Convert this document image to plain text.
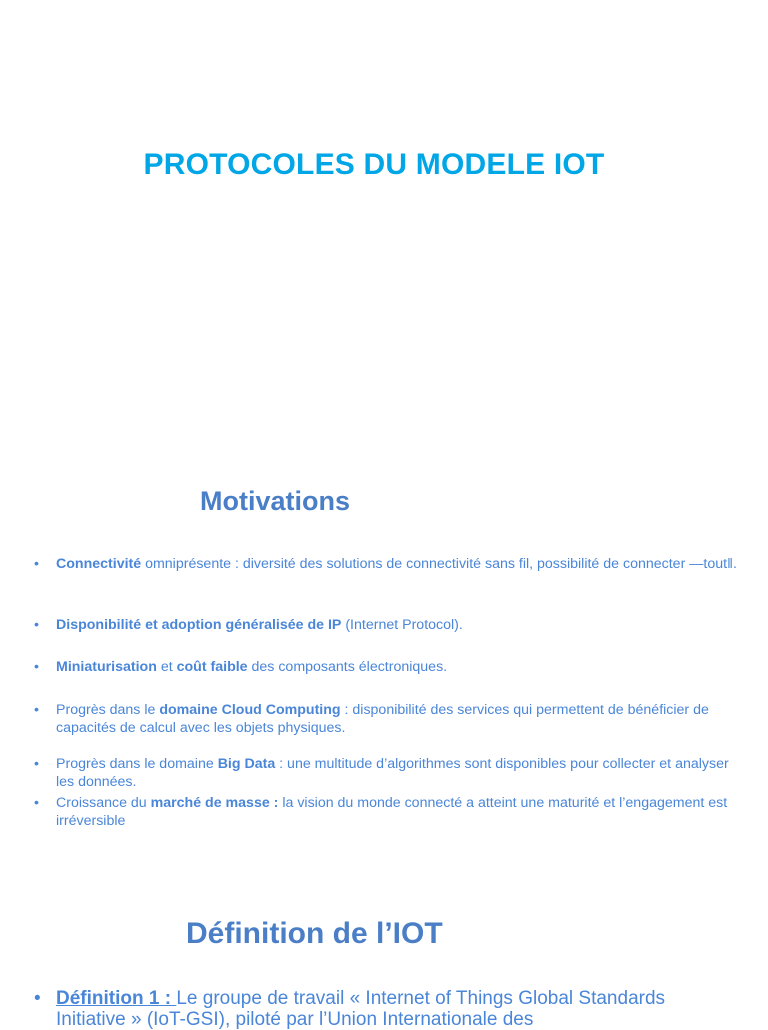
PROTOCOLES DU MODELE IOT
Motivations
• Connectivité omniprésente : diversité des solutions de connectivité sans fil, possibilité de connecter —tout‖.
• Disponibilité et adoption généralisée de IP (Internet Protocol).
• Miniaturisation et coût faible des composants électroniques.
• Progrès dans le domaine Cloud Computing : disponibilité des services qui permettent de bénéficier de capacités de calcul avec les objets physiques.
• Progrès dans le domaine Big Data : une multitude d’algorithmes sont disponibles pour collecter et analyser les données.
• Croissance du marché de masse : la vision du monde connecté a atteint une maturité et l’engagement est irréversible
Définition de l’IOT
• Définition 1 : Le groupe de travail « Internet of Things Global Standards
Initiative » (IoT-GSI), piloté par l’Union Internationale des
